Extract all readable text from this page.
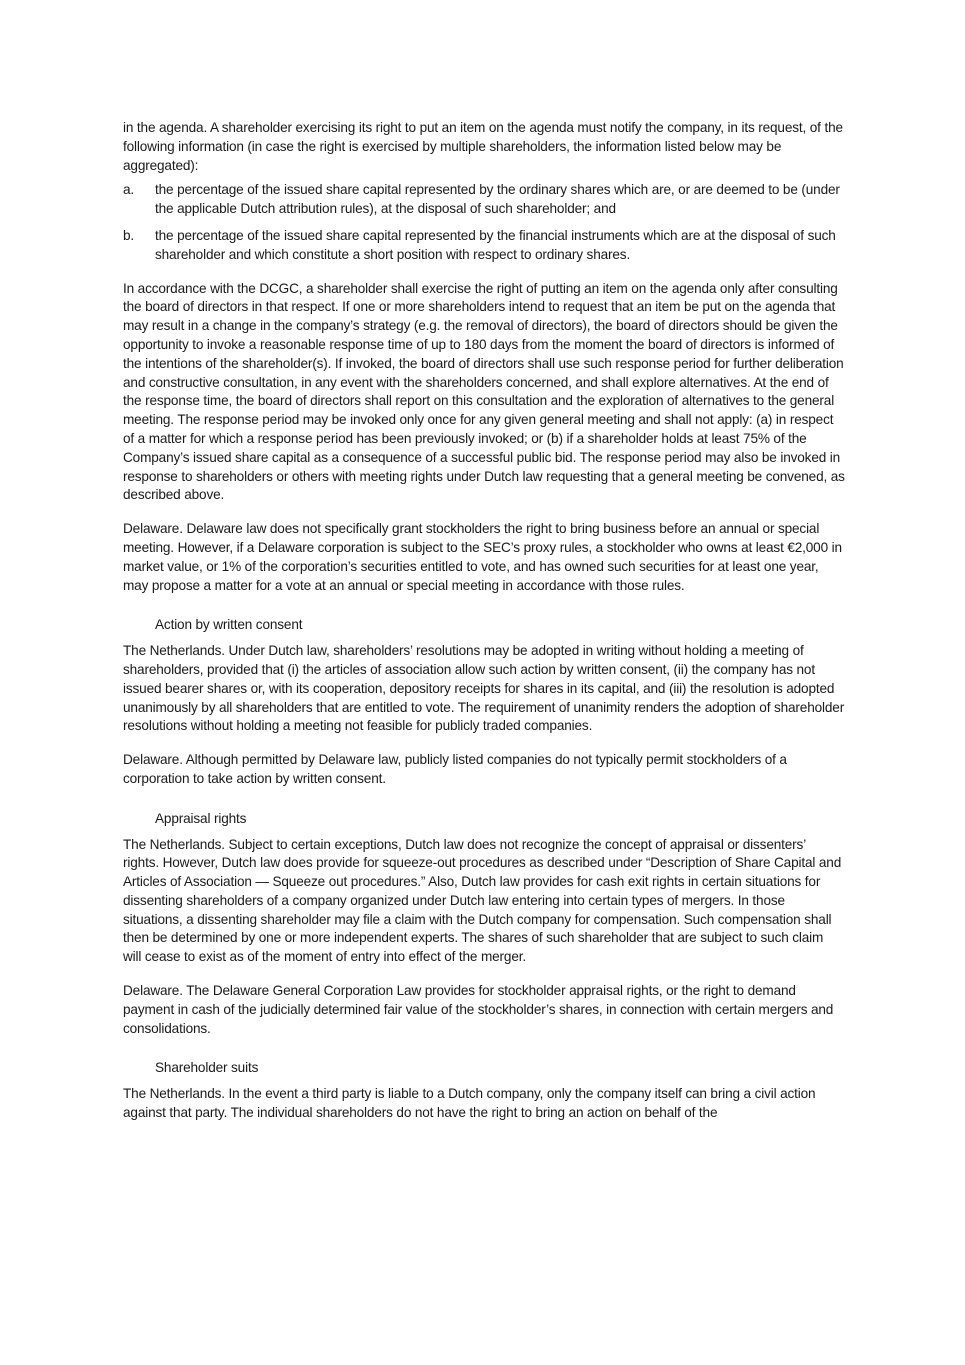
in the agenda. A shareholder exercising its right to put an item on the agenda must notify the company, in its request, of the following information (in case the right is exercised by multiple shareholders, the information listed below may be aggregated):

a.	the percentage of the issued share capital represented by the ordinary shares which are, or are deemed to be (under the applicable Dutch attribution rules), at the disposal of such shareholder; and
b.	the percentage of the issued share capital represented by the financial instruments which are at the disposal of such shareholder and which constitute a short position with respect to ordinary shares.

In accordance with the DCGC, a shareholder shall exercise the right of putting an item on the agenda only after consulting the board of directors in that respect. If one or more shareholders intend to request that an item be put on the agenda that may result in a change in the company’s strategy (e.g. the removal of directors), the board of directors should be given the opportunity to invoke a reasonable response time of up to 180 days from the moment the board of directors is informed of the intentions of the shareholder(s). If invoked, the board of directors shall use such response period for further deliberation and constructive consultation, in any event with the shareholders concerned, and shall explore alternatives. At the end of the response time, the board of directors shall report on this consultation and the exploration of alternatives to the general meeting. The response period may be invoked only once for any given general meeting and shall not apply: (a) in respect of a matter for which a response period has been previously invoked; or (b) if a shareholder holds at least 75% of the Company’s issued share capital as a consequence of a successful public bid. The response period may also be invoked in response to shareholders or others with meeting rights under Dutch law requesting that a general meeting be convened, as described above.

Delaware. Delaware law does not specifically grant stockholders the right to bring business before an annual or special meeting. However, if a Delaware corporation is subject to the SEC’s proxy rules, a stockholder who owns at least €2,000 in market value, or 1% of the corporation’s securities entitled to vote, and has owned such securities for at least one year, may propose a matter for a vote at an annual or special meeting in accordance with those rules.

Action by written consent

The Netherlands. Under Dutch law, shareholders’ resolutions may be adopted in writing without holding a meeting of shareholders, provided that (i) the articles of association allow such action by written consent, (ii) the company has not issued bearer shares or, with its cooperation, depository receipts for shares in its capital, and (iii) the resolution is adopted unanimously by all shareholders that are entitled to vote. The requirement of unanimity renders the adoption of shareholder resolutions without holding a meeting not feasible for publicly traded companies.

Delaware. Although permitted by Delaware law, publicly listed companies do not typically permit stockholders of a corporation to take action by written consent.

Appraisal rights

The Netherlands. Subject to certain exceptions, Dutch law does not recognize the concept of appraisal or dissenters’ rights. However, Dutch law does provide for squeeze-out procedures as described under “Description of Share Capital and Articles of Association — Squeeze out procedures.” Also, Dutch law provides for cash exit rights in certain situations for dissenting shareholders of a company organized under Dutch law entering into certain types of mergers. In those situations, a dissenting shareholder may file a claim with the Dutch company for compensation. Such compensation shall then be determined by one or more independent experts. The shares of such shareholder that are subject to such claim will cease to exist as of the moment of entry into effect of the merger.

Delaware. The Delaware General Corporation Law provides for stockholder appraisal rights, or the right to demand payment in cash of the judicially determined fair value of the stockholder’s shares, in connection with certain mergers and consolidations.

Shareholder suits

The Netherlands. In the event a third party is liable to a Dutch company, only the company itself can bring a civil action against that party. The individual shareholders do not have the right to bring an action on behalf of the
